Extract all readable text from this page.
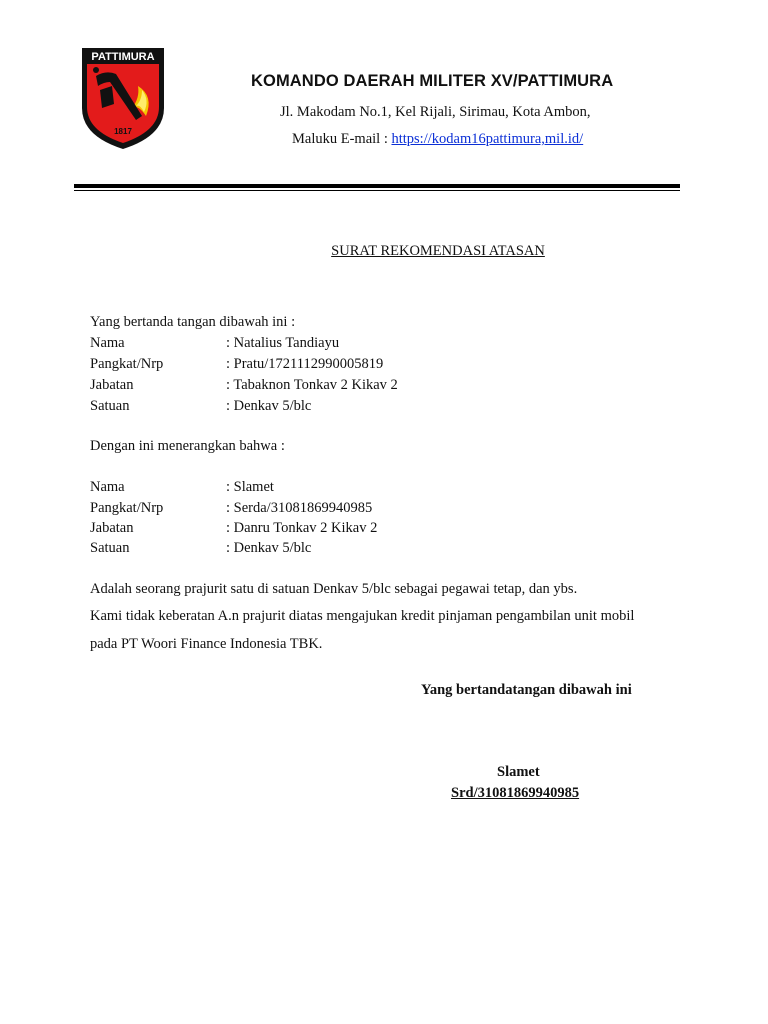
PATTIMURA
1817
KOMANDO DAERAH MILITER XV/PATTIMURA
Jl. Makodam No.1, Kel Rijali, Sirimau, Kota Ambon,
Maluku E-mail : https://kodam16pattimura,mil.id/
SURAT REKOMENDASI ATASAN
Yang bertanda tangan dibawah ini :
Nama	: Natalius Tandiayu
Pangkat/Nrp	: Pratu/1721112990005819
Jabatan	: Tabaknon Tonkav 2 Kikav 2
Satuan	: Denkav 5/blc
Dengan ini menerangkan bahwa :
Nama	: Slamet
Pangkat/Nrp	: Serda/31081869940985
Jabatan	: Danru Tonkav 2 Kikav 2
Satuan	: Denkav 5/blc
Adalah seorang prajurit satu di satuan Denkav 5/blc sebagai pegawai tetap, dan ybs.
Kami tidak keberatan A.n prajurit diatas mengajukan kredit pinjaman pengambilan unit mobil
pada PT Woori Finance Indonesia TBK.
Yang bertandatangan dibawah ini
Slamet
Srd/31081869940985
